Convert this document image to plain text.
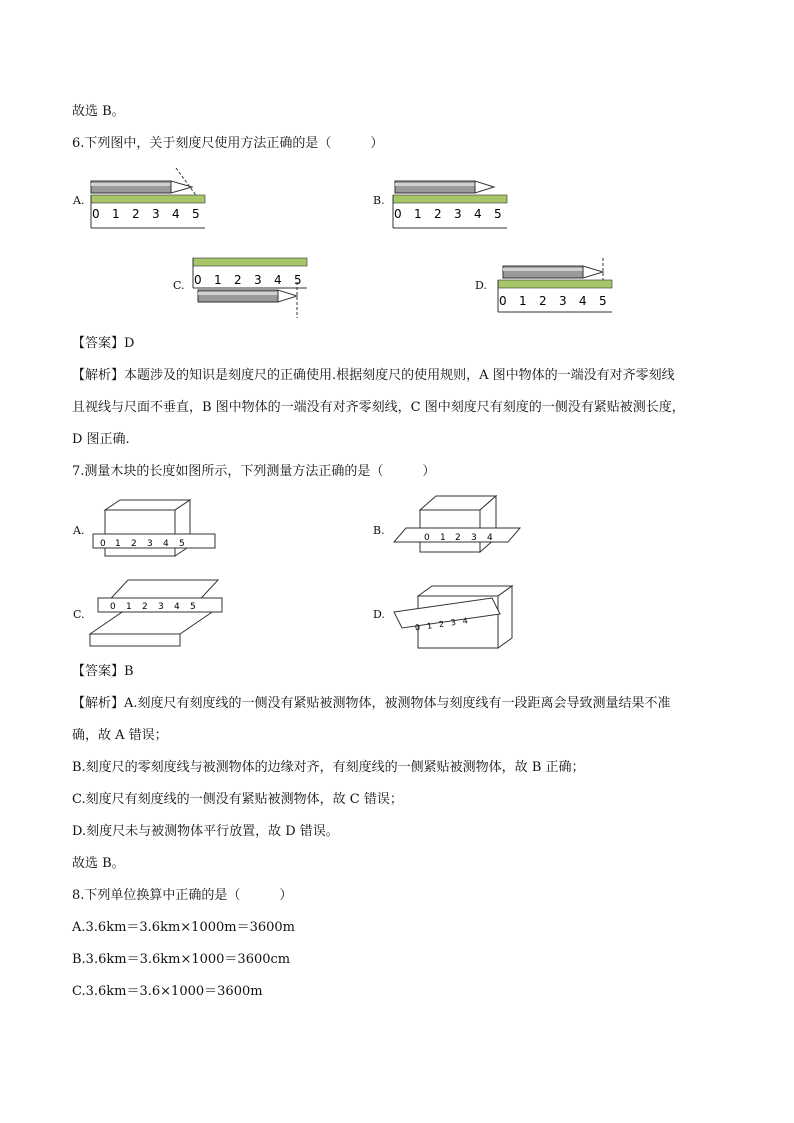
故选 B。
6.下列图中，关于刻度尺使用方法正确的是（　　　）
A.
0 1 2 3 4 5
B.
0 1 2 3 4 5
C. 0 1 2 3 4 5	D.
0 1 2 3 4 5
【答案】D
【解析】本题涉及的知识是刻度尺的正确使用.根据刻度尺的使用规则，A 图中物体的一端没有对齐零刻线
且视线与尺面不垂直，B 图中物体的一端没有对齐零刻线，C 图中刻度尺有刻度的一侧没有紧贴被测长度，
D 图正确.
7.测量木块的长度如图所示，下列测量方法正确的是（　　　）
A.
0 1 2 3 4 5
B.
0 1 2 3 4
C.
0 1 2 3 4 5
D.
0 1 2 3 4
【答案】B
【解析】A.刻度尺有刻度线的一侧没有紧贴被测物体，被测物体与刻度线有一段距离会导致测量结果不准
确，故 A 错误；
B.刻度尺的零刻度线与被测物体的边缘对齐，有刻度线的一侧紧贴被测物体，故 B 正确；
C.刻度尺有刻度线的一侧没有紧贴被测物体，故 C 错误；
D.刻度尺未与被测物体平行放置，故 D 错误。
故选 B。
8.下列单位换算中正确的是（　　　）
A.3.6km＝3.6km×1000m＝3600m
B.3.6km＝3.6km×1000＝3600cm
C.3.6km＝3.6×1000＝3600m
